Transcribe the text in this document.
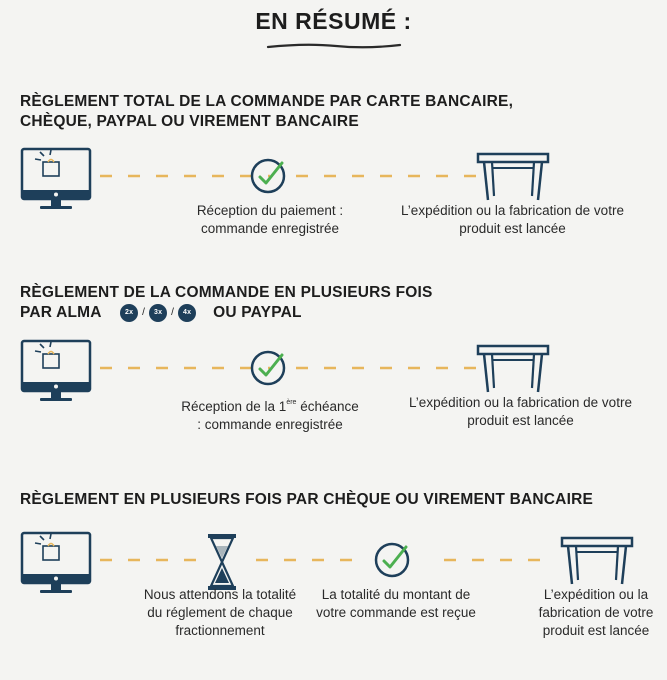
EN RÉSUMÉ :
RÈGLEMENT TOTAL DE LA COMMANDE PAR CARTE BANCAIRE,
CHÈQUE, PAYPAL OU VIREMENT BANCAIRE
Réception du paiement : commande enregistrée
L’expédition ou la fabrication de votre produit est lancée
RÈGLEMENT DE LA COMMANDE EN PLUSIEURS FOIS
PAR ALMA	2x / 3x / 4x OU PAYPAL
Réception de la 1ère échéance : commande enregistrée
L’expédition ou la fabrication de votre produit est lancée
RÈGLEMENT EN PLUSIEURS FOIS PAR CHÈQUE OU VIREMENT BANCAIRE
Nous attendons la totalité du réglement de chaque fractionnement
La totalité du montant de votre commande est reçue
L’expédition ou la fabrication de votre produit est lancée
